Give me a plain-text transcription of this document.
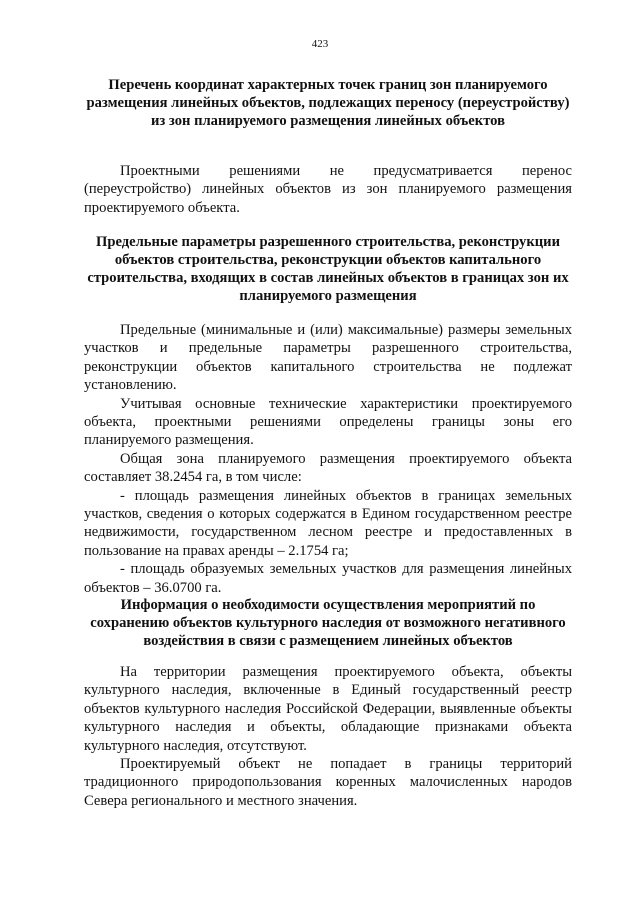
423
Перечень координат характерных точек границ зон планируемого размещения линейных объектов, подлежащих переносу (переустройству) из зон планируемого размещения линейных объектов

Проектными решениями не предусматривается перенос (переустройство) линейных объектов из зон планируемого размещения проектируемого объекта.

Предельные параметры разрешенного строительства, реконструкции объектов строительства, реконструкции объектов капитального строительства, входящих в состав линейных объектов в границах зон их планируемого размещения

Предельные (минимальные и (или) максимальные) размеры земельных участков и предельные параметры разрешенного строительства, реконструкции объектов капитального строительства не подлежат установлению.

Учитывая основные технические характеристики проектируемого объекта, проектными решениями определены границы зоны его планируемого размещения.

Общая зона планируемого размещения проектируемого объекта составляет 38.2454 га, в том числе:

- площадь размещения линейных объектов в границах земельных участков, сведения о которых содержатся в Едином государственном реестре недвижимости, государственном лесном реестре и предоставленных в пользование на правах аренды – 2.1754 га;

- площадь образуемых земельных участков для размещения линейных объектов – 36.0700 га.

Информация о необходимости осуществления мероприятий по сохранению объектов культурного наследия от возможного негативного воздействия в связи с размещением линейных объектов

На территории размещения проектируемого объекта, объекты культурного наследия, включенные в Единый государственный реестр объектов культурного наследия Российской Федерации, выявленные объекты культурного наследия и объекты, обладающие признаками объекта культурного наследия, отсутствуют.

Проектируемый объект не попадает в границы территорий традиционного природопользования коренных малочисленных народов Севера регионального и местного значения.
